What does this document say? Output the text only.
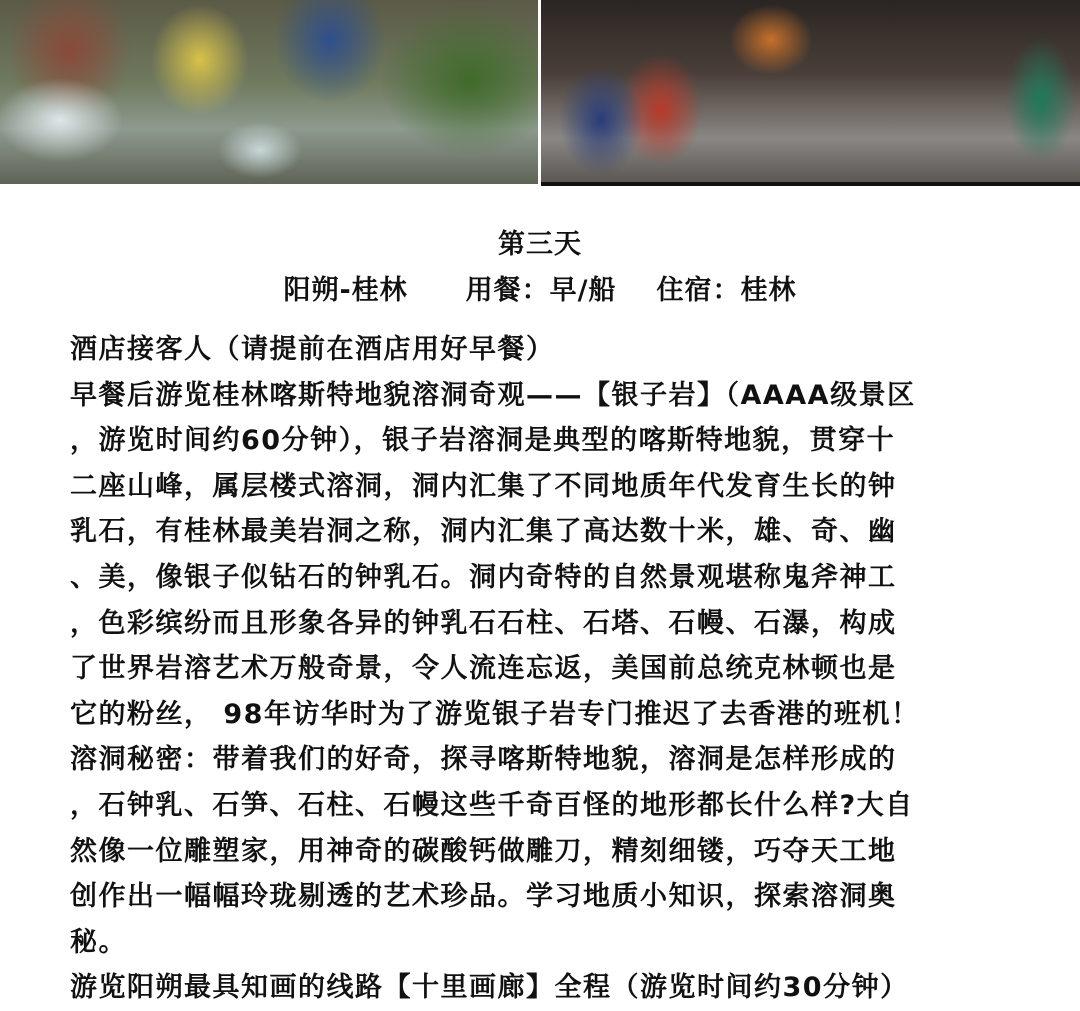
第三天
阳朔-桂林 用餐：早/船 住宿：桂林

酒店接客人（请提前在酒店用好早餐）

早餐后游览桂林喀斯特地貌溶洞奇观——【银子岩】（AAAA级景区

，游览时间约60分钟），银子岩溶洞是典型的喀斯特地貌，贯穿十

二座山峰，属层楼式溶洞，洞内汇集了不同地质年代发育生长的钟

乳石，有桂林最美岩洞之称，洞内汇集了高达数十米，雄、奇、幽

、美，像银子似钻石的钟乳石。洞内奇特的自然景观堪称鬼斧神工

，色彩缤纷而且形象各异的钟乳石石柱、石塔、石幔、石瀑，构成

了世界岩溶艺术万般奇景，令人流连忘返，美国前总统克林顿也是

它的粉丝， 98年访华时为了游览银子岩专门推迟了去香港的班机！

溶洞秘密：带着我们的好奇，探寻喀斯特地貌，溶洞是怎样形成的

，石钟乳、石笋、石柱、石幔这些千奇百怪的地形都长什么样?大自

然像一位雕塑家，用神奇的碳酸钙做雕刀，精刻细镂，巧夺天工地

创作出一幅幅玲珑剔透的艺术珍品。学习地质小知识，探索溶洞奥

秘。

游览阳朔最具知画的线路【十里画廊】全程（游览时间约30分钟）
